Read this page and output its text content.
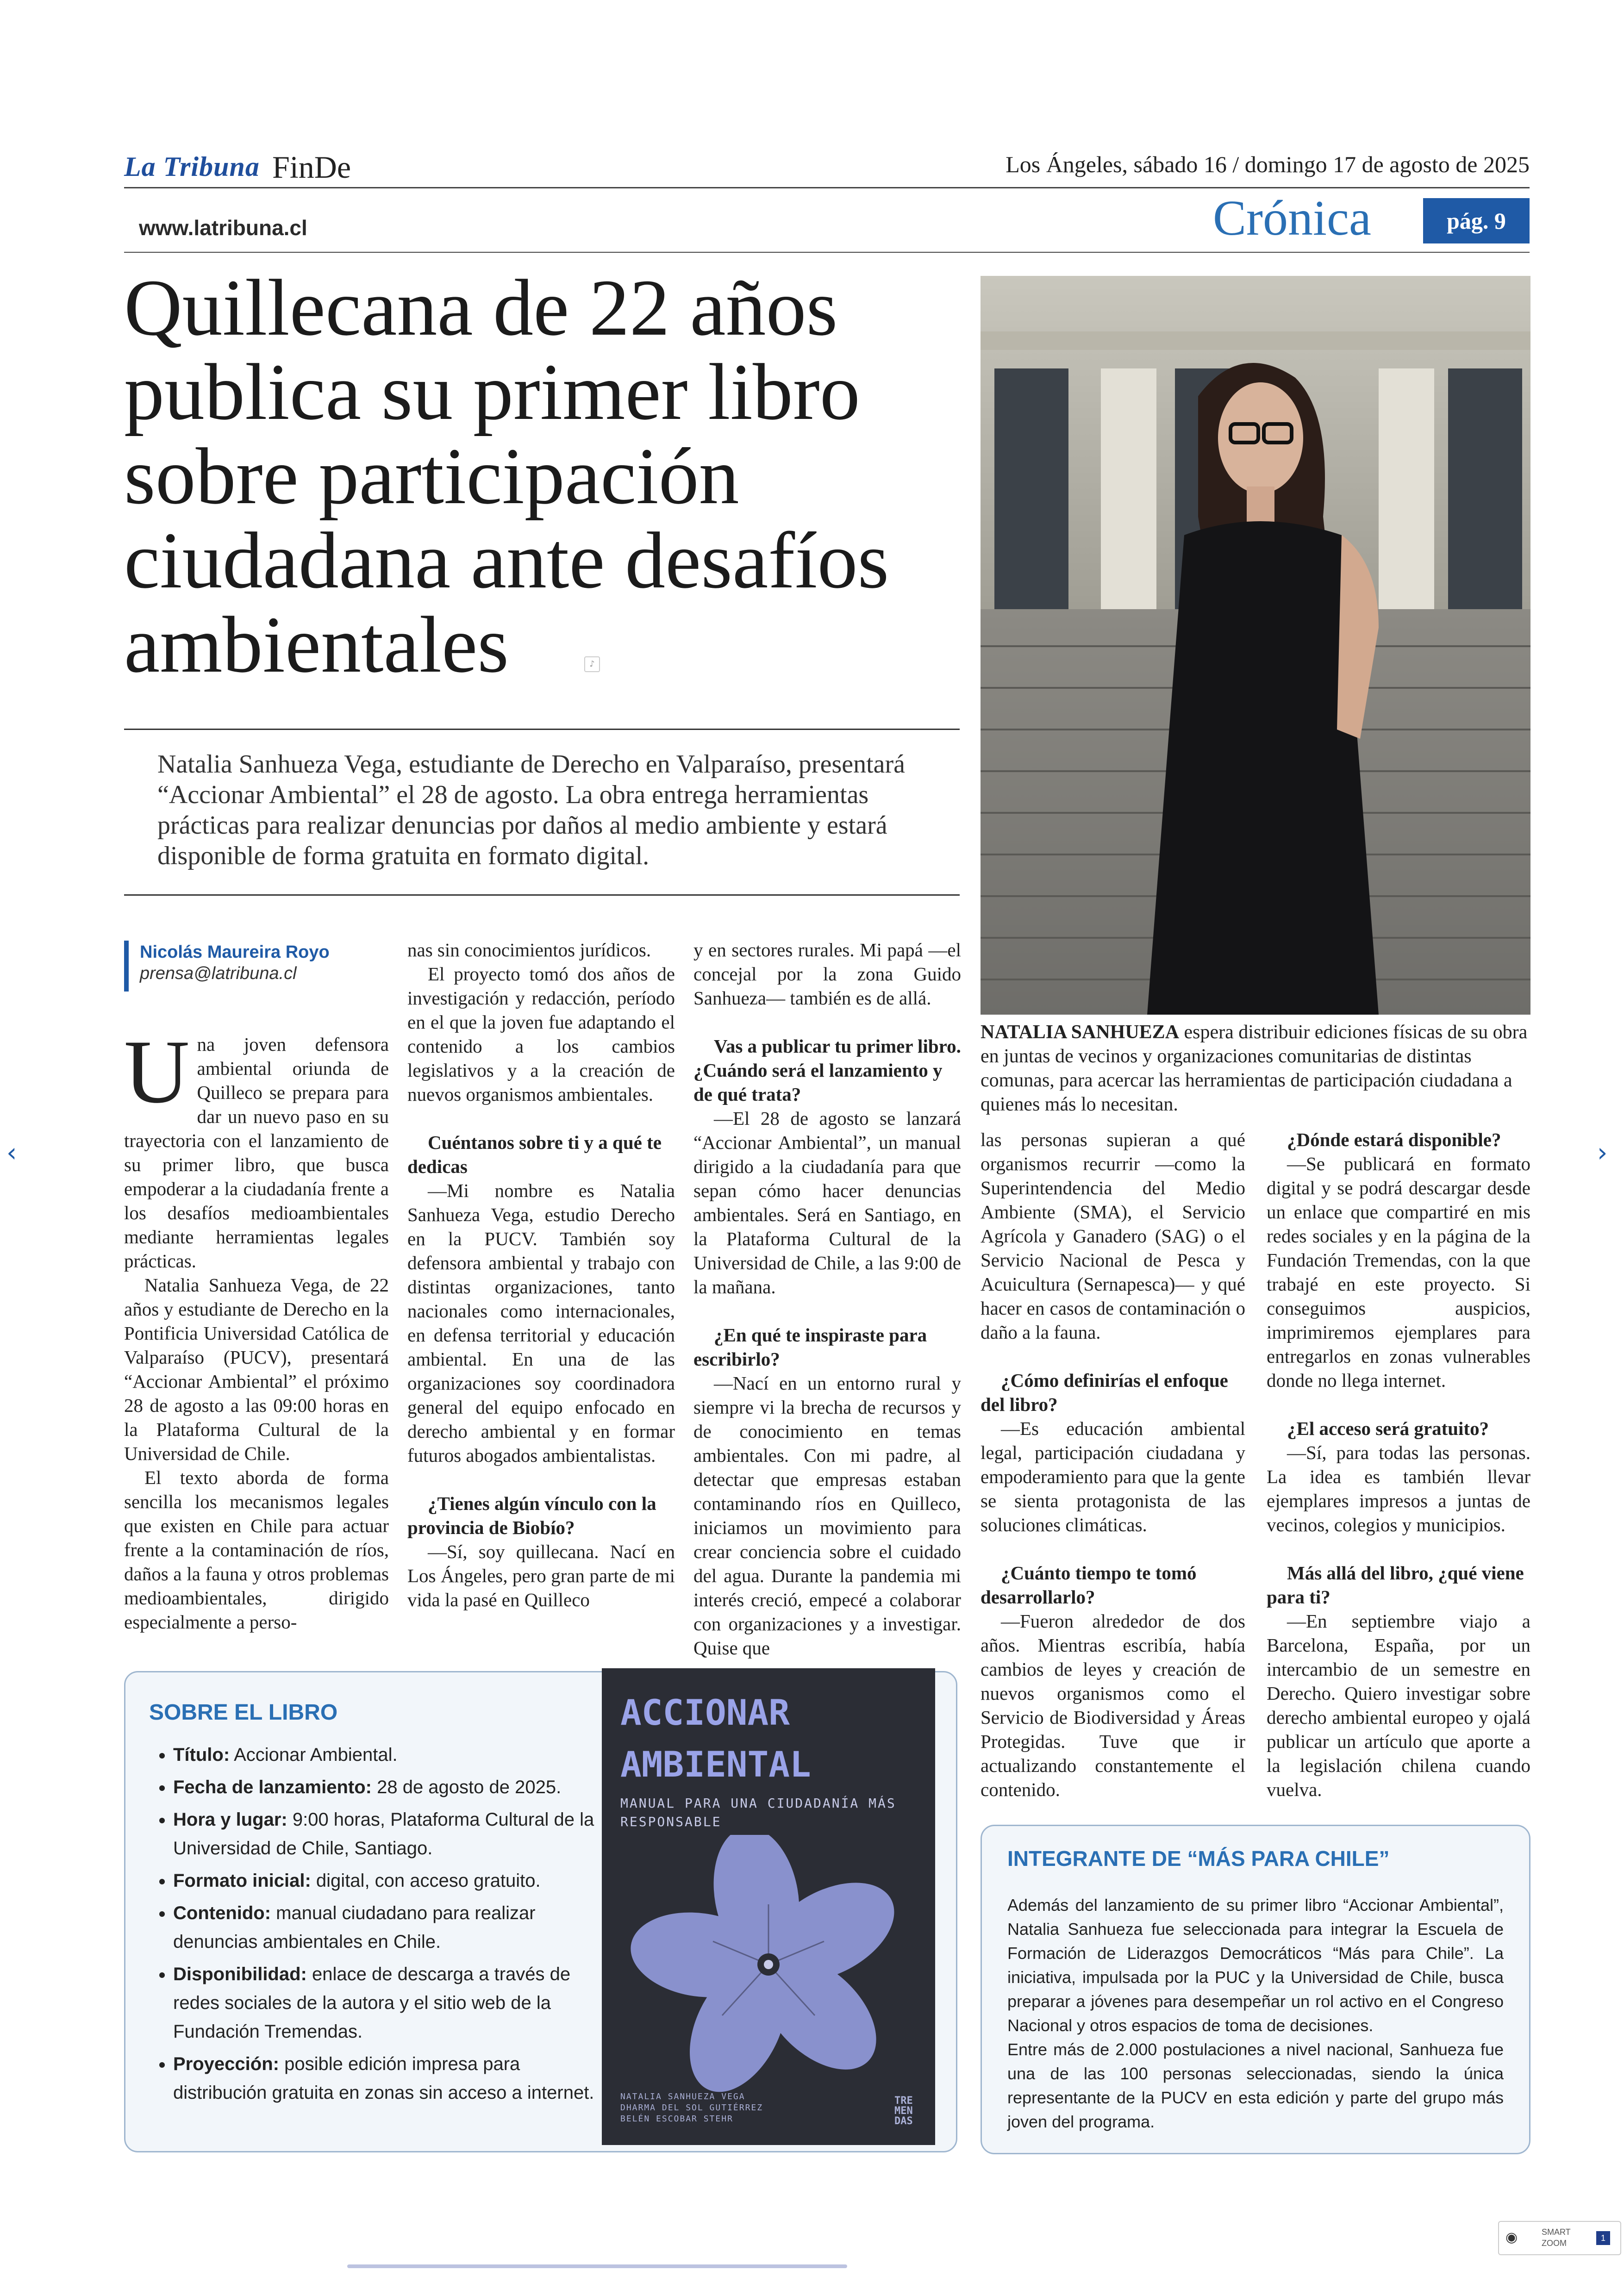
La Tribuna FinDe	Los Ángeles, sábado 16 / domingo 17 de agosto de 2025
www.latribuna.cl	Crónica	pág. 9
Quillecana de 22 años publica su primer libro sobre participación ciudadana ante desafíos ambientales	♪

Natalia Sanhueza Vega, estudiante de Derecho en Valparaíso, presentará “Accionar Ambiental” el 28 de agosto. La obra entrega herramientas prácticas para realizar denuncias por daños al medio ambiente y estará disponible de forma gratuita en formato digital.

NATALIA SANHUEZA espera distribuir ediciones físicas de su obra en juntas de vecinos y organizaciones comunitarias de distintas comunas, para acercar las herramientas de participación ciudadana a quienes más lo necesitan.

Nicolás Maureira Royo
prensa@latribuna.cl

Una joven defensora ambiental oriunda de Quilleco se prepara para dar un nuevo paso en su trayectoria con el lanzamiento de su primer libro, que busca empoderar a la ciudadanía frente a los desafíos medioambientales mediante herramientas legales prácticas.

Natalia Sanhueza Vega, de 22 años y estudiante de Derecho en la Pontificia Universidad Católica de Valparaíso (PUCV), presentará “Accionar Ambiental” el próximo 28 de agosto a las 09:00 horas en la Plataforma Cultural de la Universidad de Chile.

El texto aborda de forma sencilla los mecanismos legales que existen en Chile para actuar frente a la contaminación de ríos, daños a la fauna y otros problemas medioambientales, dirigido especialmente a perso-

nas sin conocimientos jurídicos.

El proyecto tomó dos años de investigación y redacción, período en el que la joven fue adaptando el contenido a los cambios legislativos y a la creación de nuevos organismos ambientales.

Cuéntanos sobre ti y a qué te dedicas

—Mi nombre es Natalia Sanhueza Vega, estudio Derecho en la PUCV. También soy defensora ambiental y trabajo con distintas organizaciones, tanto nacionales como internacionales, en defensa territorial y educación ambiental. En una de las organizaciones soy coordinadora general del equipo enfocado en derecho ambiental y en formar futuros abogados ambientalistas.

¿Tienes algún vínculo con la provincia de Biobío?

—Sí, soy quillecana. Nací en Los Ángeles, pero gran parte de mi vida la pasé en Quilleco

y en sectores rurales. Mi papá —el concejal por la zona Guido Sanhueza— también es de allá.

Vas a publicar tu primer libro. ¿Cuándo será el lanzamiento y de qué trata?

—El 28 de agosto se lanzará “Accionar Ambiental”, un manual dirigido a la ciudadanía para que sepan cómo hacer denuncias ambientales. Será en Santiago, en la Plataforma Cultural de la Universidad de Chile, a las 9:00 de la mañana.

¿En qué te inspiraste para escribirlo?

—Nací en un entorno rural y siempre vi la brecha de recursos y de conocimiento en temas ambientales. Con mi padre, al detectar que empresas estaban contaminando ríos en Quilleco, iniciamos un movimiento para crear conciencia sobre el cuidado del agua. Durante la pandemia mi interés creció, empecé a colaborar con organizaciones y a investigar. Quise que

las personas supieran a qué organismos recurrir —como la Superintendencia del Medio Ambiente (SMA), el Servicio Agrícola y Ganadero (SAG) o el Servicio Nacional de Pesca y Acuicultura (Sernapesca)— y qué hacer en casos de contaminación o daño a la fauna.

¿Cómo definirías el enfoque del libro?

—Es educación ambiental legal, participación ciudadana y empoderamiento para que la gente se sienta protagonista de las soluciones climáticas.

¿Cuánto tiempo te tomó desarrollarlo?

—Fueron alrededor de dos años. Mientras escribía, había cambios de leyes y creación de nuevos organismos como el Servicio de Biodiversidad y Áreas Protegidas. Tuve que ir actualizando constantemente el contenido.

¿Dónde estará disponible?

—Se publicará en formato digital y se podrá descargar desde un enlace que compartiré en mis redes sociales y en la página de la Fundación Tremendas, con la que trabajé en este proyecto. Si conseguimos auspicios, imprimiremos ejemplares para entregarlos en zonas vulnerables donde no llega internet.

¿El acceso será gratuito?

—Sí, para todas las personas. La idea es también llevar ejemplares impresos a juntas de vecinos, colegios y municipios.

Más allá del libro, ¿qué viene para ti?

—En septiembre viajo a Barcelona, España, por un intercambio de un semestre en Derecho. Quiero investigar sobre derecho ambiental europeo y ojalá publicar un artículo que aporte a la legislación chilena cuando vuelva.

SOBRE EL LIBRO
• Título: Accionar Ambiental.
• Fecha de lanzamiento: 28 de agosto de 2025.
• Hora y lugar: 9:00 horas, Plataforma Cultural de la Universidad de Chile, Santiago.
• Formato inicial: digital, con acceso gratuito.
• Contenido: manual ciudadano para realizar denuncias ambientales en Chile.
• Disponibilidad: enlace de descarga a través de redes sociales de la autora y el sitio web de la Fundación Tremendas.
• Proyección: posible edición impresa para distribución gratuita en zonas sin acceso a internet.
ACCIONAR
AMBIENTAL

MANUAL PARA UNA CIUDADANÍA MÁS RESPONSABLE

NATALIA SANHUEZA VEGA
DHARMA DEL SOL GUTIÉRREZ
BELÉN ESCOBAR STEHR

TRE
MEN
DAS
INTEGRANTE DE “MÁS PARA CHILE”

Además del lanzamiento de su primer libro “Accionar Ambiental”, Natalia Sanhueza fue seleccionada para integrar la Escuela de Formación de Liderazgos Democráticos “Más para Chile”. La iniciativa, impulsada por la PUC y la Universidad de Chile, busca preparar a jóvenes para desempeñar un rol activo en el Congreso Nacional y otros espacios de toma de decisiones.

Entre más de 2.000 postulaciones a nivel nacional, Sanhueza fue una de las 100 personas seleccionadas, siendo la única representante de la PUCV en esta edición y parte del grupo más joven del programa.

‹	›
◉	SMART ZOOM
1
